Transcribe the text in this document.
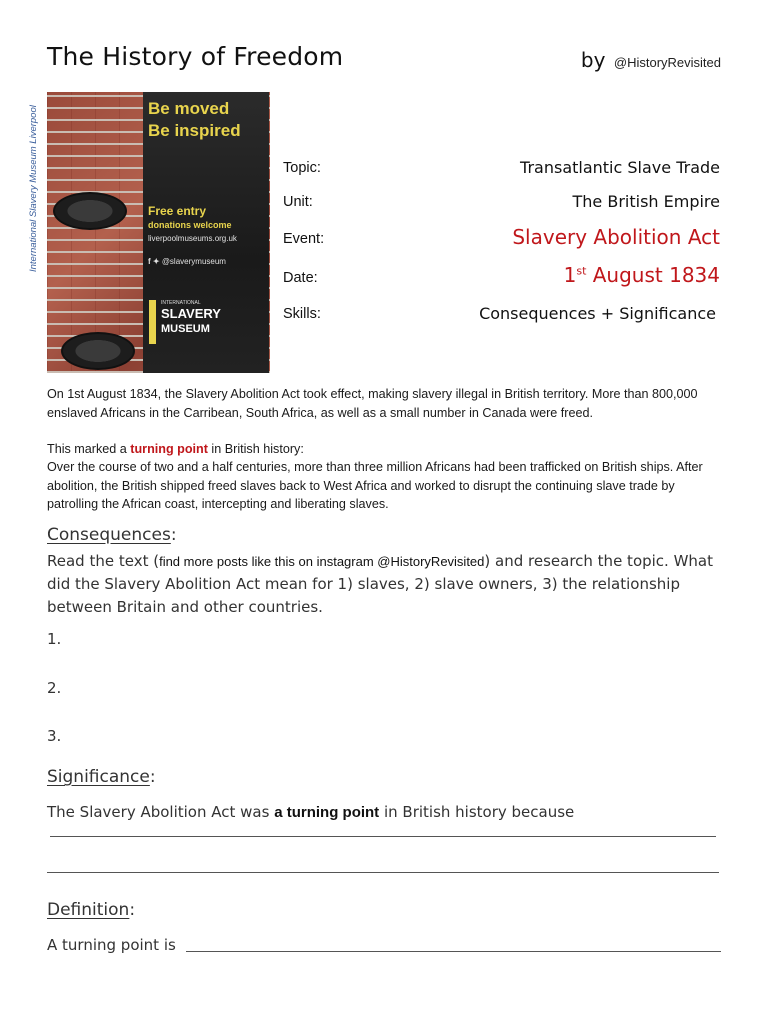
The History of Freedom	by @HistoryRevisited
International Slavery Museum Liverpool	Be moved
Be inspired
Free entry
donations welcome
liverpoolmuseums.org.uk
f ✦ @slaverymuseum
INTERNATIONAL
SLAVERY
MUSEUM
Topic:	Transatlantic Slave Trade
Unit:	The British Empire
Event:	Slavery Abolition Act
Date:	1st August 1834
Skills:	Consequences + Significance
On 1st August 1834, the Slavery Abolition Act took effect, making slavery illegal in British territory. More than 800,000 enslaved Africans in the Carribean, South Africa, as well as a small number in Canada were freed.
This marked a turning point in British history:
Over the course of two and a half centuries, more than three million Africans had been trafficked on British ships. After abolition, the British shipped freed slaves back to West Africa and worked to disrupt the continuing slave trade by patrolling the African coast, intercepting and liberating slaves.
Consequences:
Read the text (find more posts like this on instagram @HistoryRevisited) and research the topic. What did the Slavery Abolition Act mean for 1) slaves, 2) slave owners, 3) the relationship between Britain and other countries.
1.
2.
3.
Significance:
The Slavery Abolition Act was a turning point in British history because
Definition:
A turning point is
